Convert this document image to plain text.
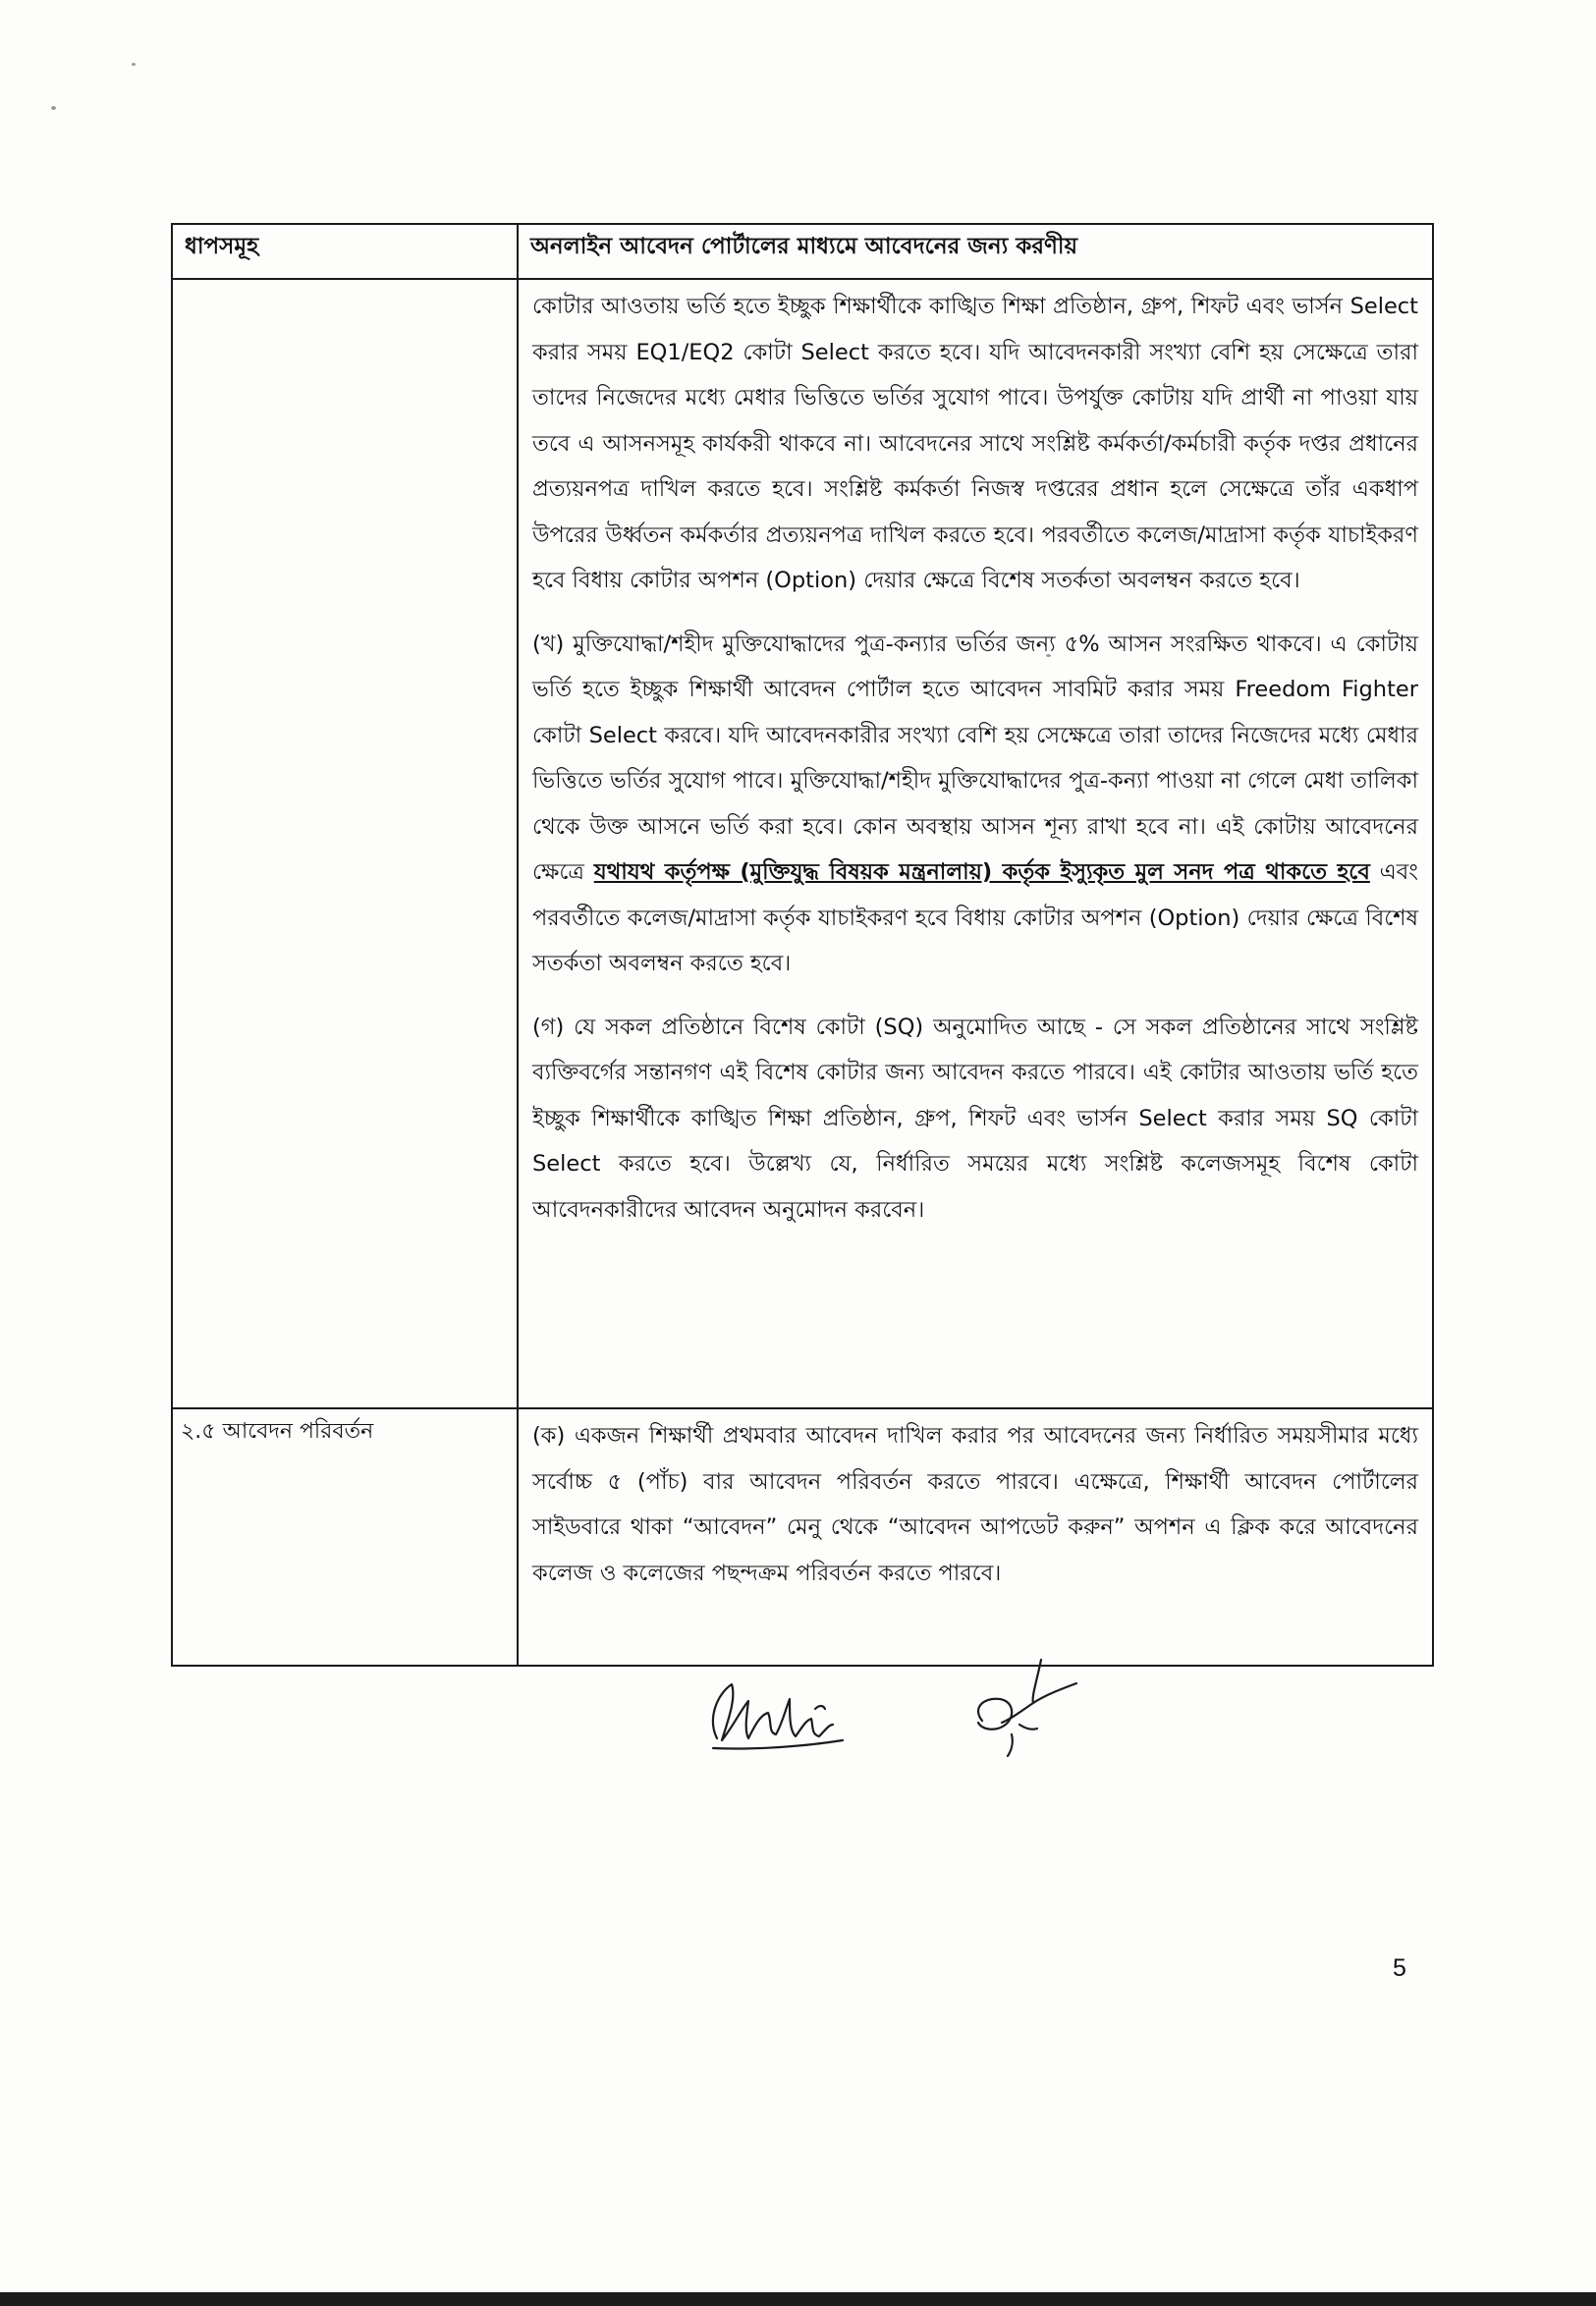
ধাপসমূহ	অনলাইন আবেদন পোর্টালের মাধ্যমে আবেদনের জন্য করণীয়

	কোটার আওতায় ভর্তি হতে ইচ্ছুক শিক্ষার্থীকে কাঙ্খিত শিক্ষা প্রতিষ্ঠান, গ্রুপ, শিফট এবং ভার্সন Select করার সময় EQ1/EQ2 কোটা Select করতে হবে। যদি আবেদনকারী সংখ্যা বেশি হয় সেক্ষেত্রে তারা তাদের নিজেদের মধ্যে মেধার ভিত্তিতে ভর্তির সুযোগ পাবে। উপর্যুক্ত কোটায় যদি প্রার্থী না পাওয়া যায় তবে এ আসনসমূহ কার্যকরী থাকবে না। আবেদনের সাথে সংশ্লিষ্ট কর্মকর্তা/কর্মচারী কর্তৃক দপ্তর প্রধানের প্রত্যয়নপত্র দাখিল করতে হবে। সংশ্লিষ্ট কর্মকর্তা নিজস্ব দপ্তরের প্রধান হলে সেক্ষেত্রে তাঁর একধাপ উপরের উর্ধ্বতন কর্মকর্তার প্রত্যয়নপত্র দাখিল করতে হবে। পরবর্তীতে কলেজ/মাদ্রাসা কর্তৃক যাচাইকরণ হবে বিধায় কোটার অপশন (Option) দেয়ার ক্ষেত্রে বিশেষ সতর্কতা অবলম্বন করতে হবে।

(খ) মুক্তিযোদ্ধা/শহীদ মুক্তিযোদ্ধাদের পুত্র-কন্যার ভর্তির জন্য ৫% আসন সংরক্ষিত থাকবে। এ কোটায় ভর্তি হতে ইচ্ছুক শিক্ষার্থী আবেদন পোর্টাল হতে আবেদন সাবমিট করার সময় Freedom Fighter কোটা Select করবে। যদি আবেদনকারীর সংখ্যা বেশি হয় সেক্ষেত্রে তারা তাদের নিজেদের মধ্যে মেধার ভিত্তিতে ভর্তির সুযোগ পাবে। মুক্তিযোদ্ধা/শহীদ মুক্তিযোদ্ধাদের পুত্র-কন্যা পাওয়া না গেলে মেধা তালিকা থেকে উক্ত আসনে ভর্তি করা হবে। কোন অবস্থায় আসন শূন্য রাখা হবে না। এই কোটায় আবেদনের ক্ষেত্রে যথাযথ কর্তৃপক্ষ (মুক্তিযুদ্ধ বিষয়ক মন্ত্রনালায়) কর্তৃক ইস্যুকৃত মুল সনদ পত্র থাকতে হবে এবং পরবর্তীতে কলেজ/মাদ্রাসা কর্তৃক যাচাইকরণ হবে বিধায় কোটার অপশন (Option) দেয়ার ক্ষেত্রে বিশেষ সতর্কতা অবলম্বন করতে হবে।

(গ) যে সকল প্রতিষ্ঠানে বিশেষ কোটা (SQ) অনুমোদিত আছে - সে সকল প্রতিষ্ঠানের সাথে সংশ্লিষ্ট ব্যক্তিবর্গের সন্তানগণ এই বিশেষ কোটার জন্য আবেদন করতে পারবে। এই কোটার আওতায় ভর্তি হতে ইচ্ছুক শিক্ষার্থীকে কাঙ্খিত শিক্ষা প্রতিষ্ঠান, গ্রুপ, শিফট এবং ভার্সন Select করার সময় SQ কোটা Select করতে হবে। উল্লেখ্য যে, নির্ধারিত সময়ের মধ্যে সংশ্লিষ্ট কলেজসমূহ বিশেষ কোটা আবেদনকারীদের আবেদন অনুমোদন করবেন।

২.৫ আবেদন পরিবর্তন	(ক) একজন শিক্ষার্থী প্রথমবার আবেদন দাখিল করার পর আবেদনের জন্য নির্ধারিত সময়সীমার মধ্যে সর্বোচ্চ ৫ (পাঁচ) বার আবেদন পরিবর্তন করতে পারবে। এক্ষেত্রে, শিক্ষার্থী আবেদন পোর্টালের সাইডবারে থাকা “আবেদন” মেনু থেকে “আবেদন আপডেট করুন” অপশন এ ক্লিক করে আবেদনের কলেজ ও কলেজের পছন্দক্রম পরিবর্তন করতে পারবে।

5
